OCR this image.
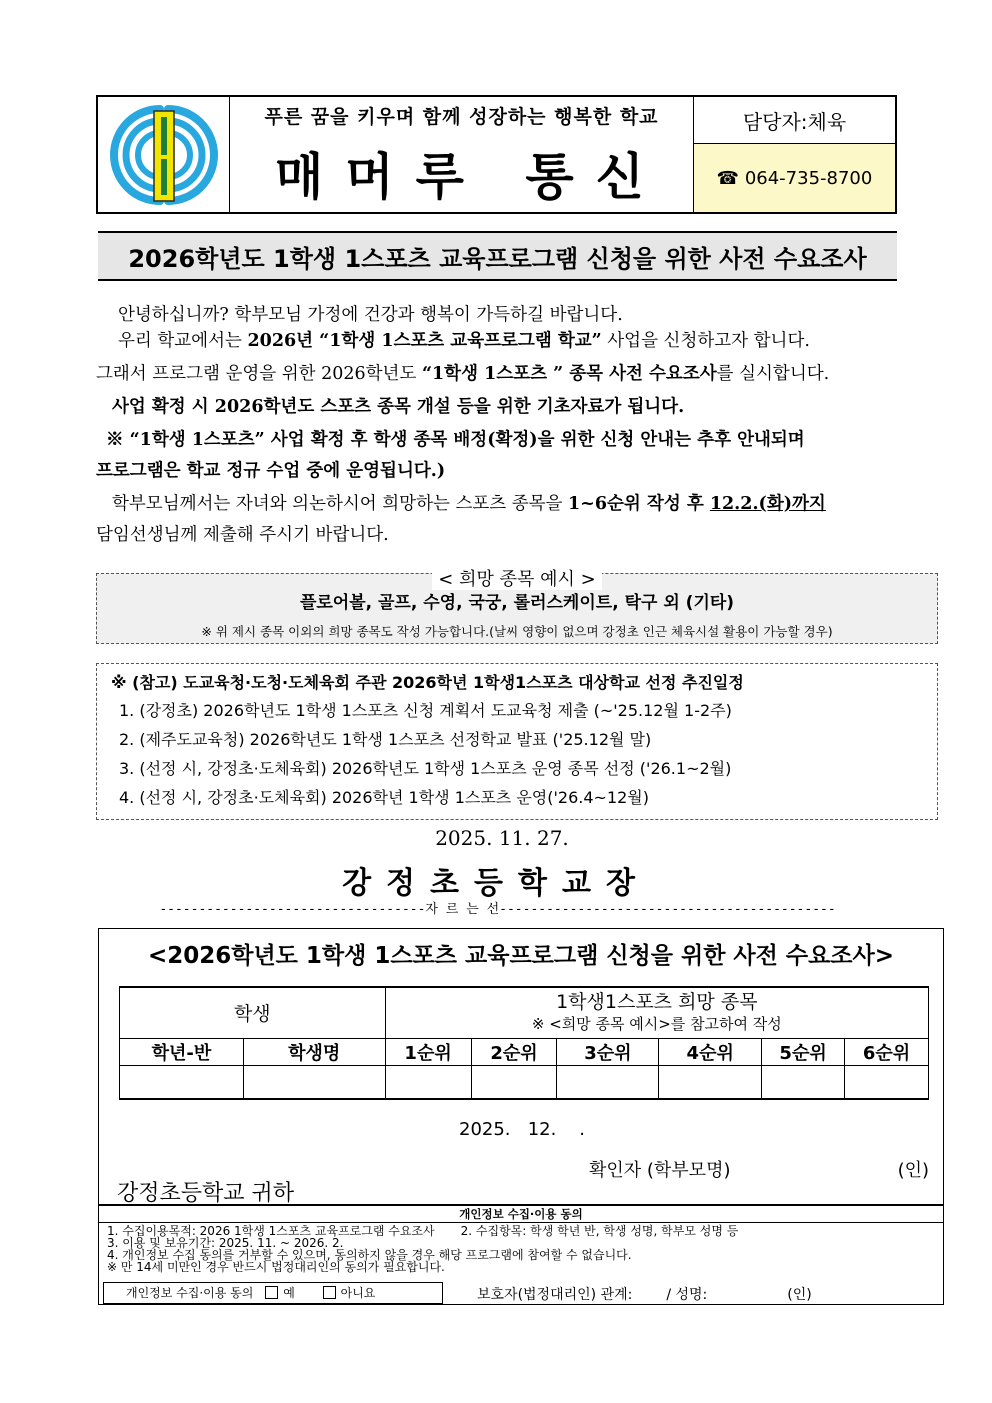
푸른 꿈을 키우며 함께 성장하는 행복한 학교
매머루 통신
담당자:체육
☎ 064-735-8700
2026학년도 1학생 1스포츠 교육프로그램 신청을 위한 사전 수요조사
안녕하십니까? 학부모님 가정에 건강과 행복이 가득하길 바랍니다.
우리 학교에서는 2026년 “1학생 1스포츠 교육프로그램 학교” 사업을 신청하고자 합니다.
그래서 프로그램 운영을 위한 2026학년도 “1학생 1스포츠 ” 종목 사전 수요조사를 실시합니다.
사업 확정 시 2026학년도 스포츠 종목 개설 등을 위한 기초자료가 됩니다.
※ “1학생 1스포츠” 사업 확정 후 학생 종목 배정(확정)을 위한 신청 안내는 추후 안내되며
프로그램은 학교 정규 수업 중에 운영됩니다.)
학부모님께서는 자녀와 의논하시어 희망하는 스포츠 종목을 1~6순위 작성 후 12.2.(화)까지
담임선생님께 제출해 주시기 바랍니다.
< 희망 종목 예시 >
플로어볼, 골프, 수영, 국궁, 롤러스케이트, 탁구 외 (기타)
※ 위 제시 종목 이외의 희망 종목도 작성 가능합니다.(날씨 영향이 없으며 강정초 인근 체육시설 활용이 가능할 경우)
※ (참고) 도교육청·도청·도체육회 주관 2026학년 1학생1스포츠 대상학교 선정 추진일정
1. (강정초) 2026학년도 1학생 1스포츠 신청 계획서 도교육청 제출 (~'25.12월 1-2주)
2. (제주도교육청) 2026학년도 1학생 1스포츠 선정학교 발표 ('25.12월 말)
3. (선정 시, 강정초·도체육회) 2026학년도 1학생 1스포츠 운영 종목 선정 ('26.1~2월)
4. (선정 시, 강정초·도체육회) 2026학년 1학생 1스포츠 운영('26.4~12월)
2025. 11. 27.
강정초등학교장
----------------------------------자 르 는 선-------------------------------------------
<2026학년도 1학생 1스포츠 교육프로그램 신청을 위한 사전 수요조사>
학생		1학생1스포츠 희망 종목
※ <희망 종목 예시>를 참고하여 작성					

학년-반	학생명	1순위	2순위	3순위	4순위	5순위	6순위

2025.   12.    .
확인자 (학부모명)	(인)
강정초등학교 귀하
개인정보 수집·이용 동의
1. 수집이용목적: 2026 1학생 1스포츠 교육프로그램 수요조사 2. 수집항목: 학생 학년 반, 학생 성명, 학부모 성명 등
3. 이용 및 보유기간: 2025. 11. ~ 2026. 2.
4. 개인정보 수집 동의를 거부할 수 있으며, 동의하지 않을 경우 해당 프로그램에 참여할 수 없습니다.
※ 만 14세 미만인 경우 반드시 법정대리인의 동의가 필요합니다.
개인정보 수집·이용 동의 예	아니요	보호자(법정대리인) 관계: / 성명:	(인)
